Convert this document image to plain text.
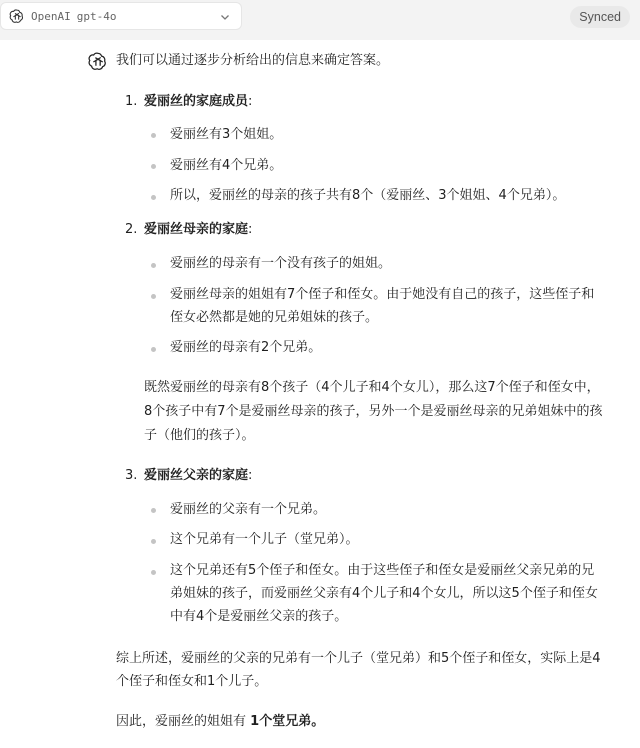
OpenAI gpt-4o	Synced
我们可以通过逐步分析给出的信息来确定答案。
1. 爱丽丝的家庭成员:
爱丽丝有3个姐姐。
爱丽丝有4个兄弟。
所以，爱丽丝的母亲的孩子共有8个（爱丽丝、3个姐姐、4个兄弟）。
2. 爱丽丝母亲的家庭:
爱丽丝的母亲有一个没有孩子的姐姐。
爱丽丝母亲的姐姐有7个侄子和侄女。由于她没有自己的孩子，这些侄子和
侄女必然都是她的兄弟姐妹的孩子。
爱丽丝的母亲有2个兄弟。
既然爱丽丝的母亲有8个孩子（4个儿子和4个女儿），那么这7个侄子和侄女中，
8个孩子中有7个是爱丽丝母亲的孩子，另外一个是爱丽丝母亲的兄弟姐妹中的孩
子（他们的孩子）。
3. 爱丽丝父亲的家庭:
爱丽丝的父亲有一个兄弟。
这个兄弟有一个儿子（堂兄弟）。
这个兄弟还有5个侄子和侄女。由于这些侄子和侄女是爱丽丝父亲兄弟的兄
弟姐妹的孩子，而爱丽丝父亲有4个儿子和4个女儿，所以这5个侄子和侄女
中有4个是爱丽丝父亲的孩子。
综上所述，爱丽丝的父亲的兄弟有一个儿子（堂兄弟）和5个侄子和侄女，实际上是4
个侄子和侄女和1个儿子。
因此，爱丽丝的姐姐有 1个堂兄弟。
